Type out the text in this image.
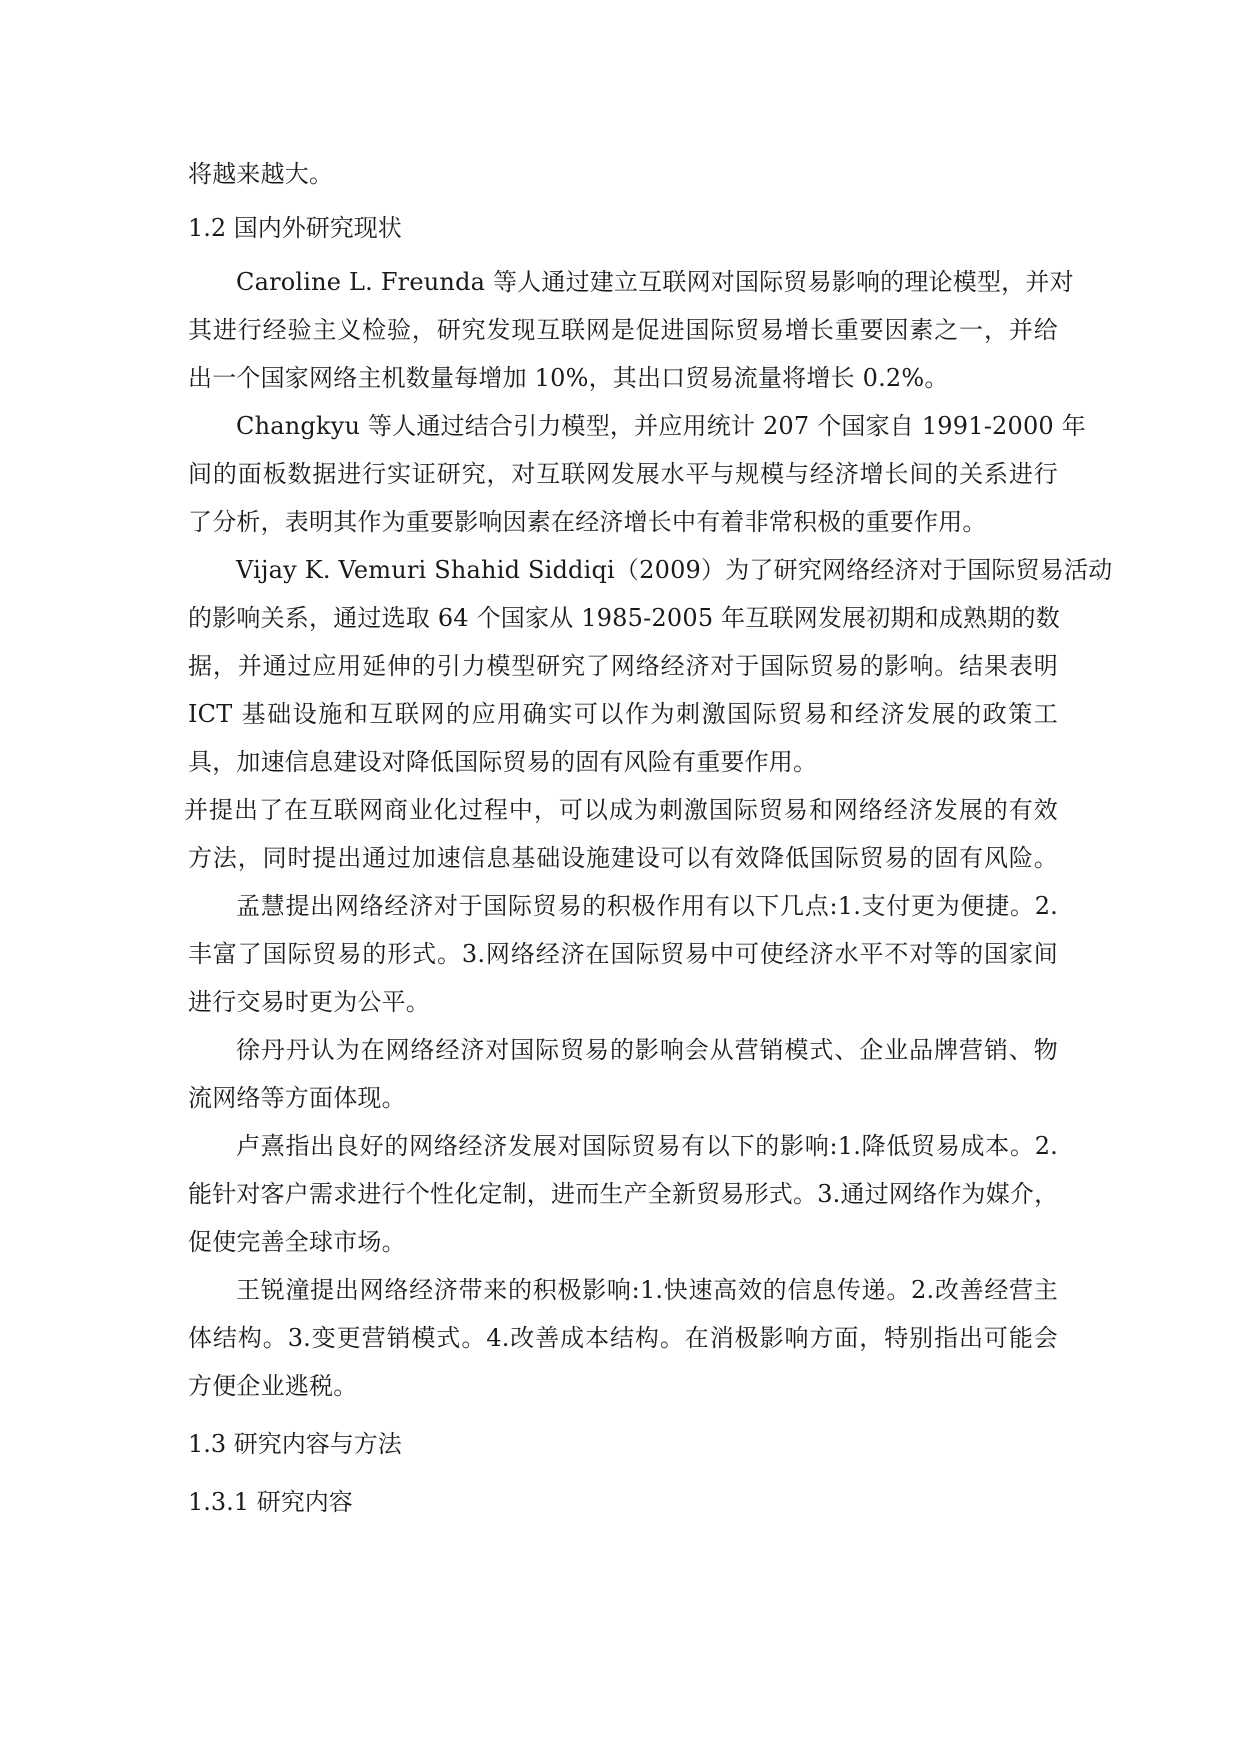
将越来越大。
1.2 国内外研究现状
Caroline L. Freunda 等人通过建立互联网对国际贸易影响的理论模型，并对
其进行经验主义检验，研究发现互联网是促进国际贸易增长重要因素之一，并给
出一个国家网络主机数量每增加 10%，其出口贸易流量将增长 0.2%。
Changkyu 等人通过结合引力模型，并应用统计 207 个国家自 1991-2000 年
间的面板数据进行实证研究，对互联网发展水平与规模与经济增长间的关系进行
了分析，表明其作为重要影响因素在经济增长中有着非常积极的重要作用。
Vijay K. Vemuri Shahid Siddiqi（2009）为了研究网络经济对于国际贸易活动
的影响关系，通过选取 64 个国家从 1985-2005 年互联网发展初期和成熟期的数
据，并通过应用延伸的引力模型研究了网络经济对于国际贸易的影响。结果表明
ICT 基础设施和互联网的应用确实可以作为刺激国际贸易和经济发展的政策工
具，加速信息建设对降低国际贸易的固有风险有重要作用。
并提出了在互联网商业化过程中，可以成为刺激国际贸易和网络经济发展的有效
方法，同时提出通过加速信息基础设施建设可以有效降低国际贸易的固有风险。
孟慧提出网络经济对于国际贸易的积极作用有以下几点:1.支付更为便捷。2.
丰富了国际贸易的形式。3.网络经济在国际贸易中可使经济水平不对等的国家间
进行交易时更为公平。
徐丹丹认为在网络经济对国际贸易的影响会从营销模式、企业品牌营销、物
流网络等方面体现。
卢熹指出良好的网络经济发展对国际贸易有以下的影响:1.降低贸易成本。2.
能针对客户需求进行个性化定制，进而生产全新贸易形式。3.通过网络作为媒介，
促使完善全球市场。
王锐潼提出网络经济带来的积极影响:1.快速高效的信息传递。2.改善经营主
体结构。3.变更营销模式。4.改善成本结构。在消极影响方面，特别指出可能会
方便企业逃税。
1.3 研究内容与方法
1.3.1 研究内容
